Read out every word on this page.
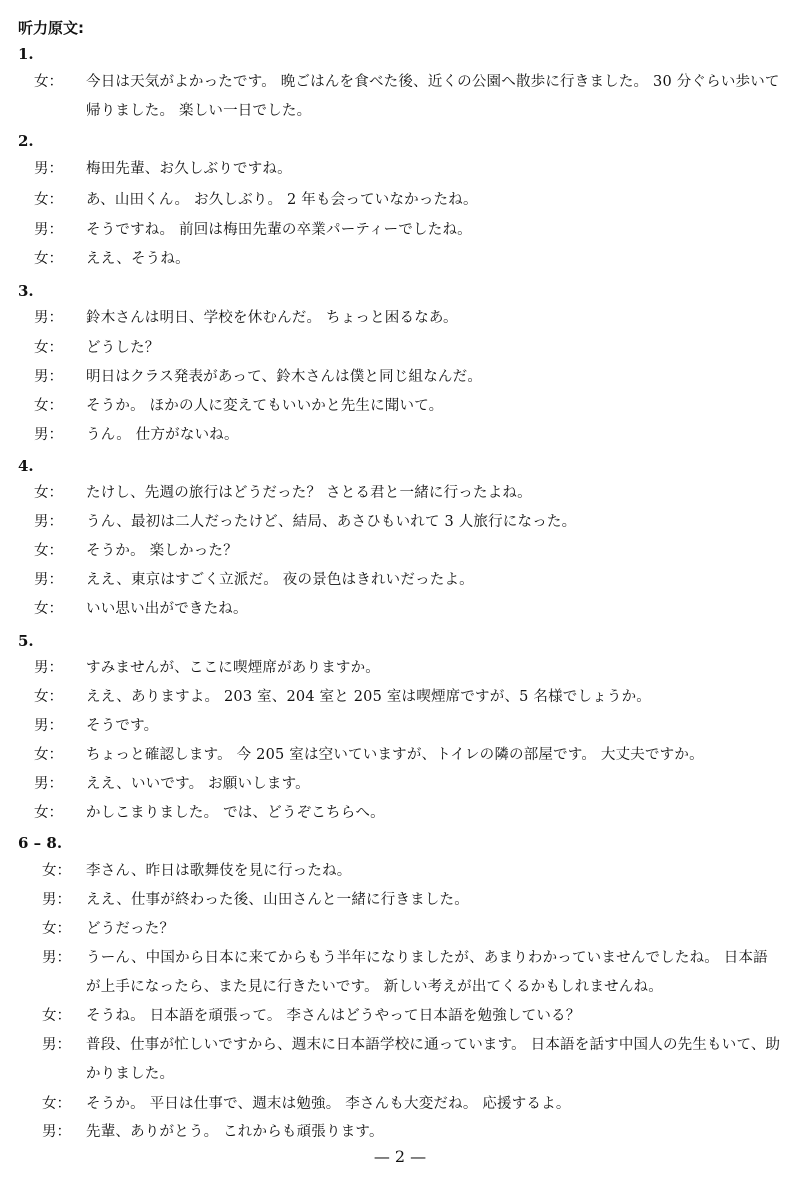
听力原文:
1.
女：	今日は天気がよかったです。 晩ごはんを食べた後、近くの公園へ散歩に行きました。 30 分ぐらい歩いて帰りました。 楽しい一日でした。
2.
男：	梅田先輩、お久しぶりですね。
女：	あ、山田くん。 お久しぶり。 2 年も会っていなかったね。
男：	そうですね。 前回は梅田先輩の卒業パーティーでしたね。
女：	ええ、そうね。
3.
男：	鈴木さんは明日、学校を休むんだ。 ちょっと困るなあ。
女：	どうした？
男：	明日はクラス発表があって、鈴木さんは僕と同じ組なんだ。
女：	そうか。 ほかの人に変えてもいいかと先生に聞いて。
男：	うん。 仕方がないね。
4.
女：	たけし、先週の旅行はどうだった？ さとる君と一緒に行ったよね。
男：	うん、最初は二人だったけど、結局、あさひもいれて 3 人旅行になった。
女：	そうか。 楽しかった？
男：	ええ、東京はすごく立派だ。 夜の景色はきれいだったよ。
女：	いい思い出ができたね。
5.
男：	すみませんが、ここに喫煙席がありますか。
女：	ええ、ありますよ。 203 室、204 室と 205 室は喫煙席ですが、5 名様でしょうか。
男：	そうです。
女：	ちょっと確認します。 今 205 室は空いていますが、トイレの隣の部屋です。 大丈夫ですか。
男：	ええ、いいです。 お願いします。
女：	かしこまりました。 では、どうぞこちらへ。
6 – 8.
女：	李さん、昨日は歌舞伎を見に行ったね。
男：	ええ、仕事が終わった後、山田さんと一緒に行きました。
女：	どうだった？
男：	うーん、中国から日本に来てからもう半年になりましたが、あまりわかっていませんでしたね。 日本語が上手になったら、また見に行きたいです。 新しい考えが出てくるかもしれませんね。
女：	そうね。 日本語を頑張って。 李さんはどうやって日本語を勉強している？
男：	普段、仕事が忙しいですから、週末に日本語学校に通っています。 日本語を話す中国人の先生もいて、助かりました。
女：	そうか。 平日は仕事で、週末は勉強。 李さんも大変だね。 応援するよ。
男：	先輩、ありがとう。 これからも頑張ります。
— 2 —
